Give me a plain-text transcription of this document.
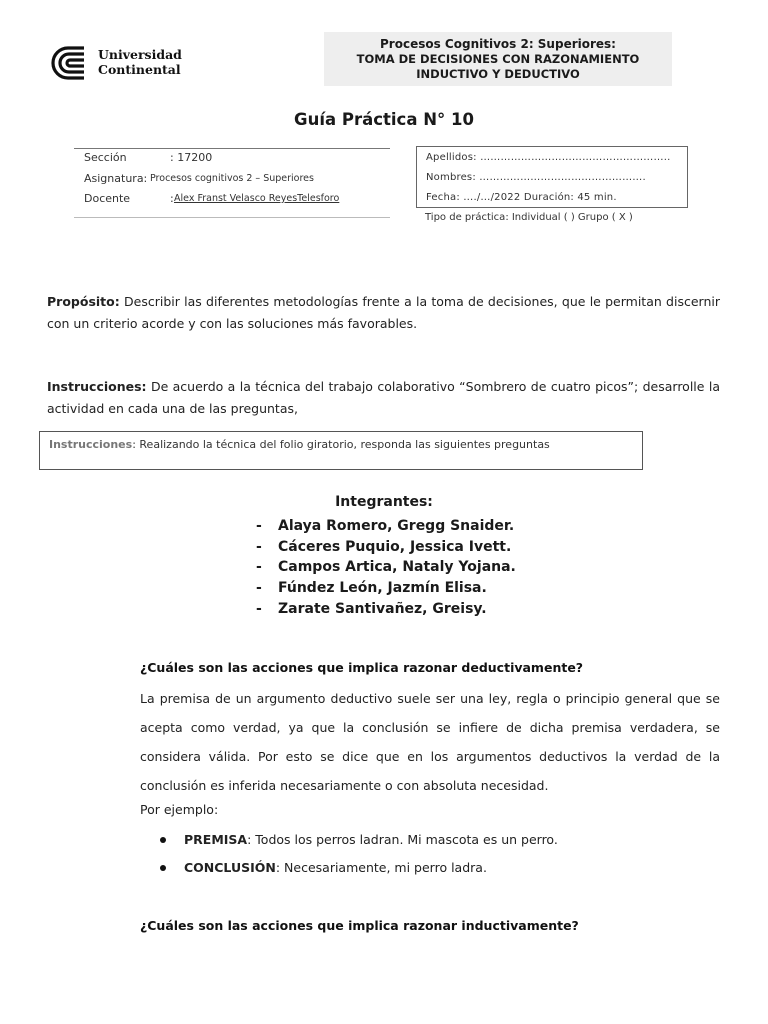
Universidad
Continental
Procesos Cognitivos 2: Superiores:
TOMA DE DECISIONES CON RAZONAMIENTO
INDUCTIVO Y DEDUCTIVO
Guía Práctica N° 10
Sección	: 17200
Asignatura: Procesos cognitivos 2 – Superiores
Docente	: Alex Franst Velasco ReyesTelesforo
Apellidos: ………………………………………………..
Nombres: ………………………………………….
Fecha: …./…/2022 Duración: 45 min.
Tipo de práctica: Individual ( ) Grupo ( X )
Propósito: Describir las diferentes metodologías frente a la toma de decisiones, que le permitan discernir con un criterio acorde y con las soluciones más favorables.
Instrucciones: De acuerdo a la técnica del trabajo colaborativo “Sombrero de cuatro picos”; desarrolle la actividad en cada una de las preguntas,
Instrucciones: Realizando la técnica del folio giratorio, responda las siguientes preguntas
Integrantes:
- Alaya Romero, Gregg Snaider.
- Cáceres Puquio, Jessica Ivett.
- Campos Artica, Nataly Yojana.
- Fúndez León, Jazmín Elisa.
- Zarate Santivañez, Greisy.
¿Cuáles son las acciones que implica razonar deductivamente?
La premisa de un argumento deductivo suele ser una ley, regla o principio general que se acepta como verdad, ya que la conclusión se infiere de dicha premisa verdadera, se considera válida. Por esto se dice que en los argumentos deductivos la verdad de la conclusión es inferida necesariamente o con absoluta necesidad.
Por ejemplo:
PREMISA: Todos los perros ladran. Mi mascota es un perro.
CONCLUSIÓN: Necesariamente, mi perro ladra.
¿Cuáles son las acciones que implica razonar inductivamente?
